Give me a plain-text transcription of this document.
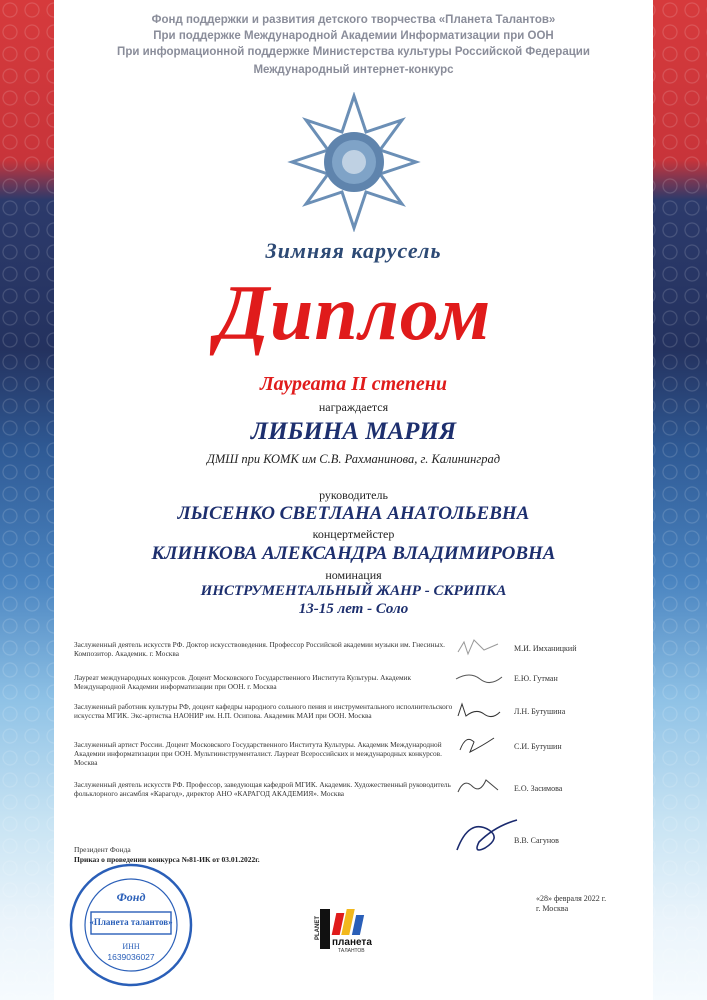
Фонд поддержки и развития детского творчества «Планета Талантов»
При поддержке Международной Академии Информатизации при ООН
При информационной поддержке Министерства культуры Российской Федерации
Международный интернет-конкурс
Зимняя карусель
Диплом
Лауреата II степени
награждается
ЛИБИНА МАРИЯ
ДМШ при КОМК им С.В. Рахманинова, г. Калининград
руководитель
ЛЫСЕНКО СВЕТЛАНА АНАТОЛЬЕВНА
концертмейстер
КЛИНКОВА АЛЕКСАНДРА ВЛАДИМИРОВНА
номинация
ИНСТРУМЕНТАЛЬНЫЙ ЖАНР - СКРИПКА
13-15 лет - Соло
Заслуженный деятель искусств РФ. Доктор искусствоведения. Профессор Российской академии музыки им. Гнесиных. Композитор. Академик. г. Москва
М.И. Имханицкий
Лауреат международных конкурсов. Доцент Московского Государственного Института Культуры. Академик Международной Академии информатизации при ООН. г. Москва
Е.Ю. Гутман
Заслуженный работник культуры РФ, доцент кафедры народного сольного пения и инструментального исполнительского искусства МГИК. Экс-артистка НАОНИР им. Н.П. Осипова. Академик МАИ при ООН. Москва	Л.Н. Бутушина
Заслуженный артист России. Доцент Московского Государственного Института Культуры. Академик Международной Академии информатизации при ООН. Мультиинструменталист. Лауреат Всероссийских и международных конкурсов. Москва
С.И. Бутушин
Заслуженный деятель искусств РФ. Профессор, заведующая кафедрой МГИК. Академик. Художественный руководитель фольклорного ансамбля «Карагод», директор АНО «КАРАГОД АКАДЕМИЯ». Москва
Е.О. Засимова
Президент Фонда
Приказ о проведении конкурса №81-ИК от 03.01.2022г.
В.В. Сагунов
Фонд
«Планета талантов»
ИНН
1639036027
PLANET
планета
ТАЛАНТОВ
«28» февраля 2022 г.
г. Москва
